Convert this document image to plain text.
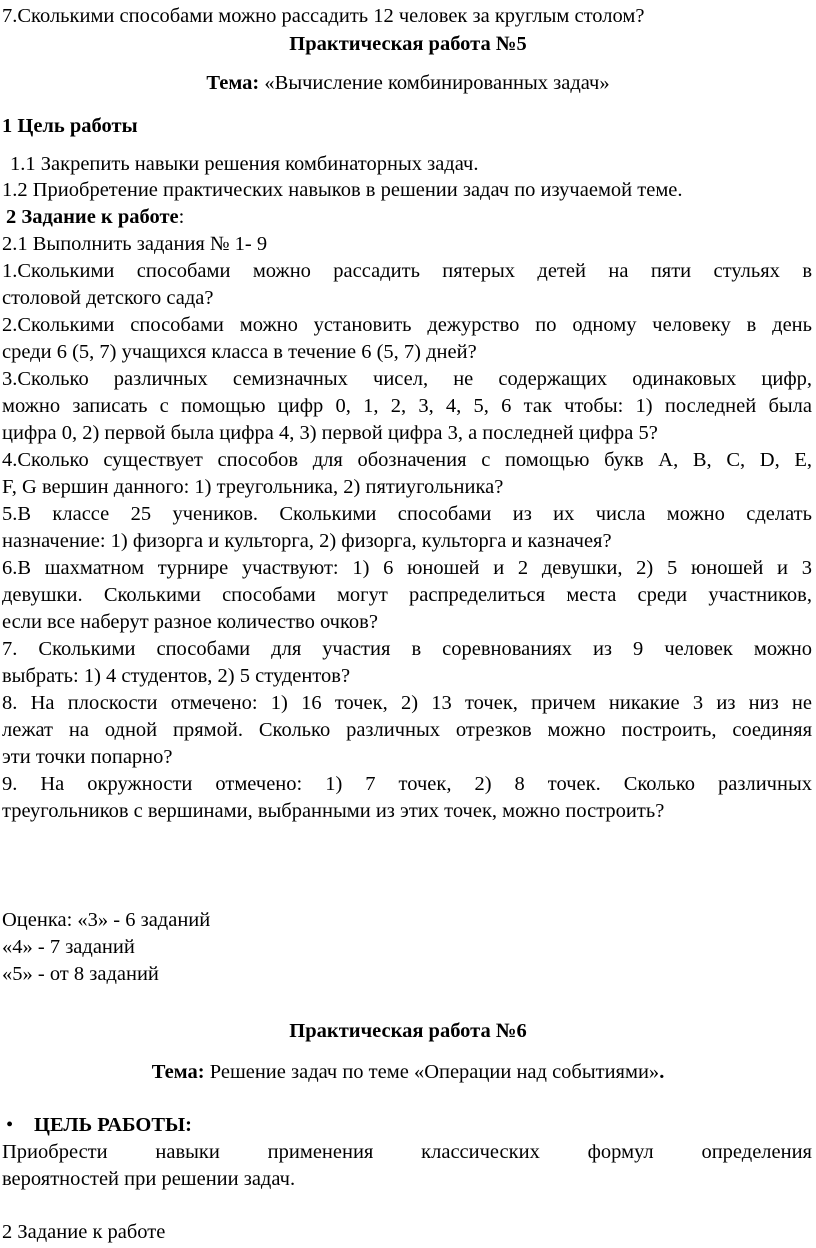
7.Сколькими способами можно рассадить 12 человек за круглым столом?
Практическая работа №5
Тема: «Вычисление комбинированных задач»
1 Цель работы
1.1 Закрепить навыки решения комбинаторных задач.
1.2 Приобретение практических навыков в решении задач по изучаемой теме.
2 Задание к работе:
2.1 Выполнить задания № 1- 9
1.Сколькими способами можно рассадить пятерых детей на пяти стульях в
столовой детского сада?
2.Сколькими способами можно установить дежурство по одному человеку в день
среди 6 (5, 7) учащихся класса в течение 6 (5, 7) дней?
3.Сколько различных семизначных чисел, не содержащих одинаковых цифр,
можно записать с помощью цифр 0, 1, 2, 3, 4, 5, 6 так чтобы: 1) последней была
цифра 0, 2) первой была цифра 4, 3) первой цифра 3, а последней цифра 5?
4.Сколько существует способов для обозначения с помощью букв A, B, C, D, E,
F, G вершин данного: 1) треугольника, 2) пятиугольника?
5.В классе 25 учеников. Сколькими способами из их числа можно сделать
назначение: 1) физорга и культорга, 2) физорга, культорга и казначея?
6.В шахматном турнире участвуют: 1) 6 юношей и 2 девушки, 2) 5 юношей и 3
девушки. Сколькими способами могут распределиться места среди участников,
если все наберут разное количество очков?
7. Сколькими способами для участия в соревнованиях из 9 человек можно
выбрать: 1) 4 студентов, 2) 5 студентов?
8. На плоскости отмечено: 1) 16 точек, 2) 13 точек, причем никакие 3 из низ не
лежат на одной прямой. Сколько различных отрезков можно построить, соединяя
эти точки попарно?
9. На окружности отмечено: 1) 7 точек, 2) 8 точек. Сколько различных
треугольников с вершинами, выбранными из этих точек, можно построить?
Оценка: «3» - 6 заданий
«4» - 7 заданий
«5» - от 8 заданий
Практическая работа №6
Тема: Решение задач по теме «Операции над событиями».
• ЦЕЛЬ РАБОТЫ:
Приобрести навыки применения классических формул определения
вероятностей при решении задач.
2 Задание к работе
